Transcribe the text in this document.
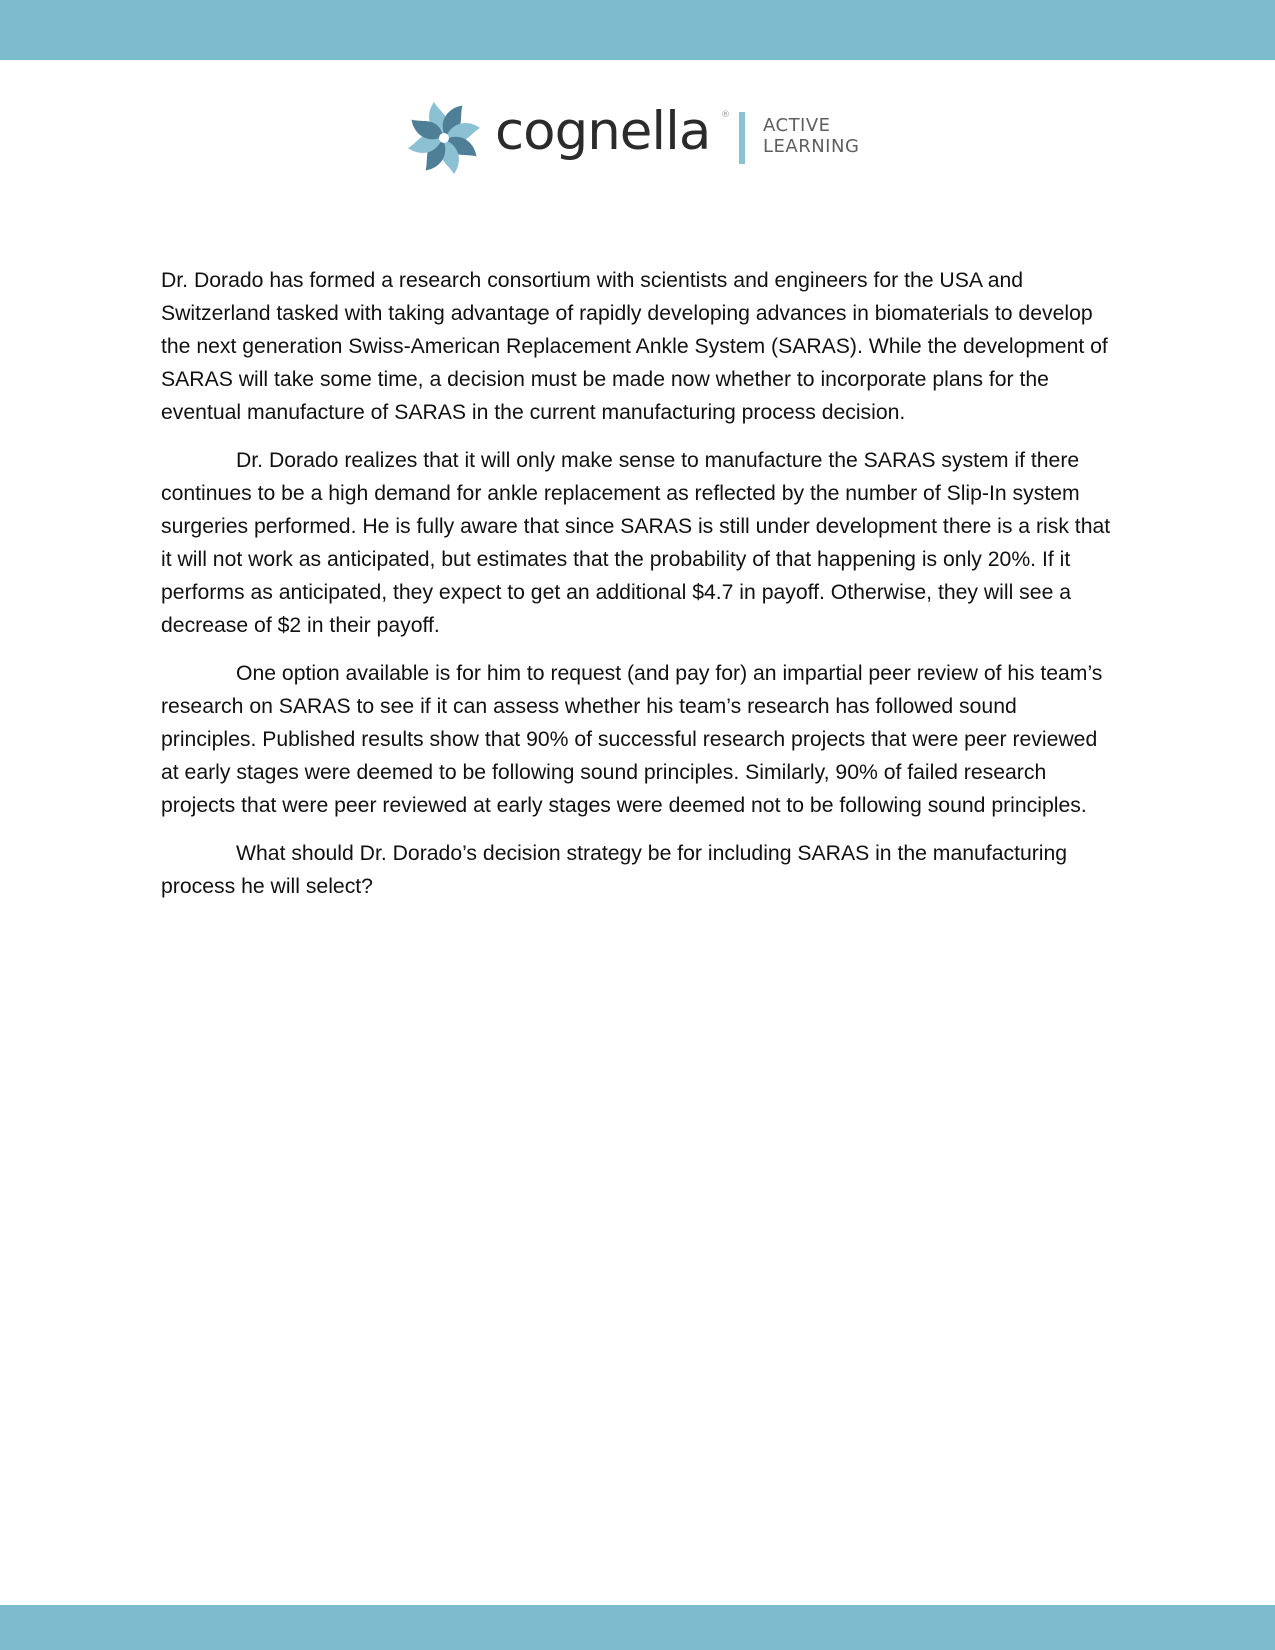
cognella ® ACTIVE
LEARNING

Dr. Dorado has formed a research consortium with scientists and engineers for the USA and Switzerland tasked with taking advantage of rapidly developing advances in biomaterials to develop the next generation Swiss-American Replacement Ankle System (SARAS). While the development of SARAS will take some time, a decision must be made now whether to incorporate plans for the eventual manufacture of SARAS in the current manufacturing process decision.

Dr. Dorado realizes that it will only make sense to manufacture the SARAS system if there continues to be a high demand for ankle replacement as reflected by the number of Slip-In system surgeries performed. He is fully aware that since SARAS is still under development there is a risk that it will not work as anticipated, but estimates that the probability of that happening is only 20%. If it performs as anticipated, they expect to get an additional $4.7 in payoff. Otherwise, they will see a decrease of $2 in their payoff.

One option available is for him to request (and pay for) an impartial peer review of his team’s research on SARAS to see if it can assess whether his team’s research has followed sound principles. Published results show that 90% of successful research projects that were peer reviewed at early stages were deemed to be following sound principles. Similarly, 90% of failed research projects that were peer reviewed at early stages were deemed not to be following sound principles.

What should Dr. Dorado’s decision strategy be for including SARAS in the manufacturing process he will select?
